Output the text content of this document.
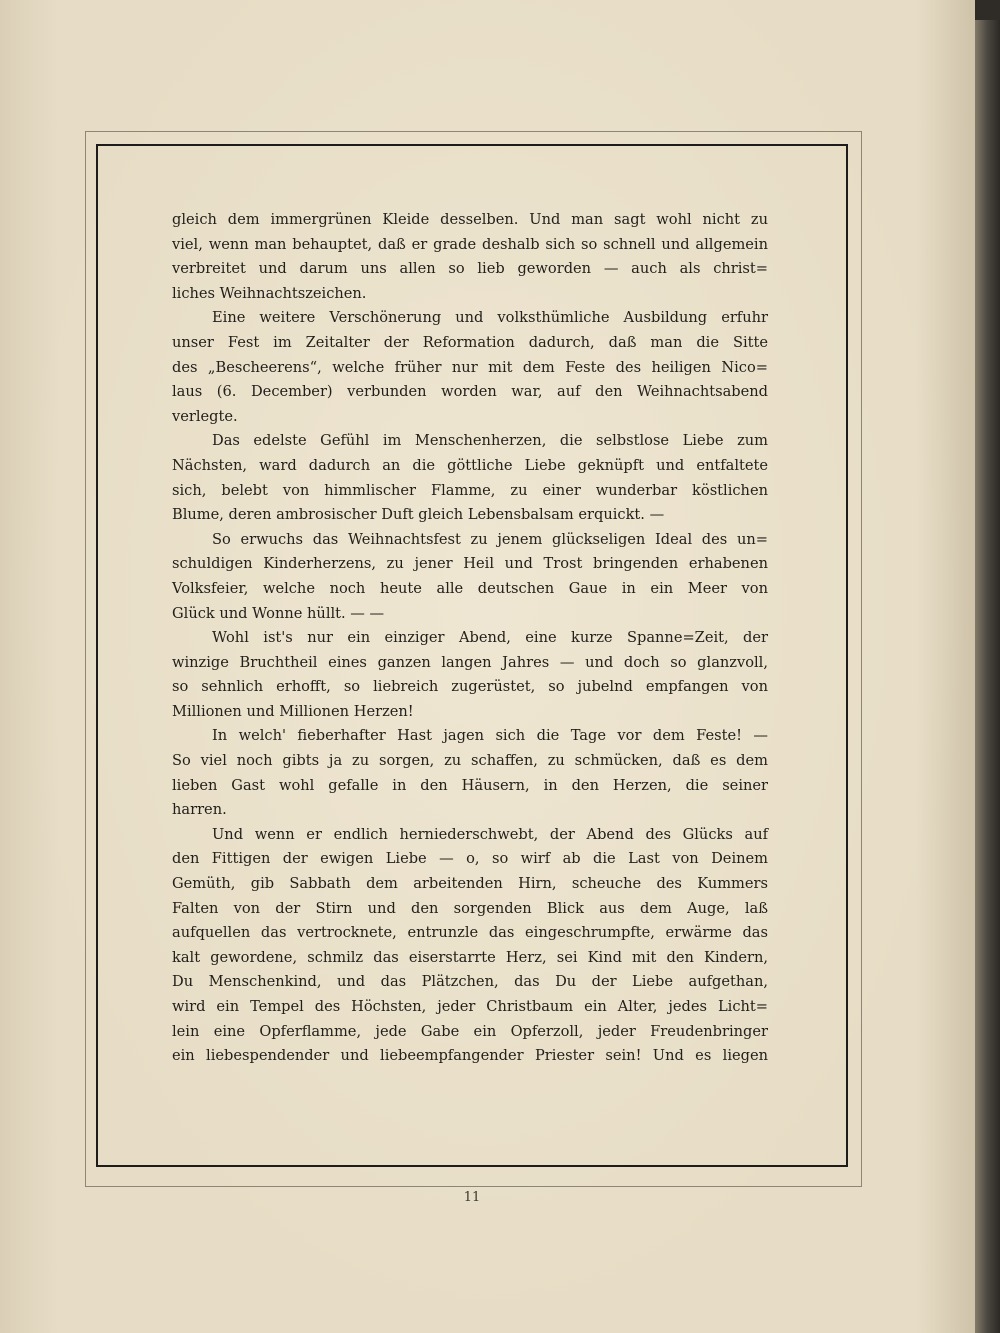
gleich dem immergrünen Kleide desselben. Und man sagt wohl nicht zu
viel, wenn man behauptet, daß er grade deshalb sich so schnell und allgemein
verbreitet und darum uns allen so lieb geworden — auch als christ=
liches Weihnachtszeichen.
Eine weitere Verschönerung und volksthümliche Ausbildung erfuhr
unser Fest im Zeitalter der Reformation dadurch, daß man die Sitte
des „Bescheerens“, welche früher nur mit dem Feste des heiligen Nico=
laus (6. December) verbunden worden war, auf den Weihnachtsabend
verlegte.
Das edelste Gefühl im Menschenherzen, die selbstlose Liebe zum
Nächsten, ward dadurch an die göttliche Liebe geknüpft und entfaltete
sich, belebt von himmlischer Flamme, zu einer wunderbar köstlichen
Blume, deren ambrosischer Duft gleich Lebensbalsam erquickt. —
So erwuchs das Weihnachtsfest zu jenem glückseligen Ideal des un=
schuldigen Kinderherzens, zu jener Heil und Trost bringenden erhabenen
Volksfeier, welche noch heute alle deutschen Gaue in ein Meer von
Glück und Wonne hüllt. — —
Wohl ist's nur ein einziger Abend, eine kurze Spanne=Zeit, der
winzige Bruchtheil eines ganzen langen Jahres — und doch so glanzvoll,
so sehnlich erhofft, so liebreich zugerüstet, so jubelnd empfangen von
Millionen und Millionen Herzen!
In welch' fieberhafter Hast jagen sich die Tage vor dem Feste! —
So viel noch gibts ja zu sorgen, zu schaffen, zu schmücken, daß es dem
lieben Gast wohl gefalle in den Häusern, in den Herzen, die seiner
harren.
Und wenn er endlich herniederschwebt, der Abend des Glücks auf
den Fittigen der ewigen Liebe — o, so wirf ab die Last von Deinem
Gemüth, gib Sabbath dem arbeitenden Hirn, scheuche des Kummers
Falten von der Stirn und den sorgenden Blick aus dem Auge, laß
aufquellen das vertrocknete, entrunzle das eingeschrumpfte, erwärme das
kalt gewordene, schmilz das eiserstarrte Herz, sei Kind mit den Kindern,
Du Menschenkind, und das Plätzchen, das Du der Liebe aufgethan,
wird ein Tempel des Höchsten, jeder Christbaum ein Alter, jedes Licht=
lein eine Opferflamme, jede Gabe ein Opferzoll, jeder Freudenbringer
ein liebespendender und liebeempfangender Priester sein! Und es liegen
11
